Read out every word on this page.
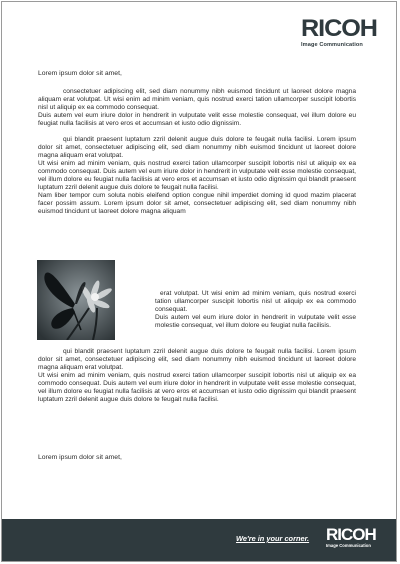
RICOH
Image Communication
Lorem ipsum dolor sit amet,
consectetuer adipiscing elit, sed diam nonummy nibh euismod tincidunt ut laoreet dolore magna aliquam erat volutpat. Ut wisi enim ad minim veniam, quis nostrud exerci tation ullamcorper suscipit lobortis nisl ut aliquip ex ea commodo consequat.
Duis autem vel eum iriure dolor in hendrerit in vulputate velit esse molestie consequat, vel illum dolore eu feugiat nulla facilisis at vero eros et accumsan et iusto odio dignissim.
qui blandit praesent luptatum zzril delenit augue duis dolore te feugait nulla facilisi. Lorem ipsum dolor sit amet, consectetuer adipiscing elit, sed diam nonummy nibh euismod tincidunt ut laoreet dolore magna aliquam erat volutpat.
Ut wisi enim ad minim veniam, quis nostrud exerci tation ullamcorper suscipit lobortis nisl ut aliquip ex ea commodo consequat. Duis autem vel eum iriure dolor in hendrerit in vulputate velit esse molestie consequat, vel illum dolore eu feugiat nulla facilisis at vero eros et accumsan et iusto odio dignissim qui blandit praesent luptatum zzril delenit augue duis dolore te feugait nulla facilisi.
Nam liber tempor cum soluta nobis eleifend option congue nihil imperdiet doming id quod mazim placerat facer possim assum. Lorem ipsum dolor sit amet, consectetuer adipiscing elit, sed diam nonummy nibh euismod tincidunt ut laoreet dolore magna aliquam
erat volutpat. Ut wisi enim ad minim veniam, quis nostrud exerci tation ullamcorper suscipit lobortis nisl ut aliquip ex ea commodo consequat.
Duis autem vel eum iriure dolor in hendrerit in vulputate velit esse molestie consequat, vel illum dolore eu feugiat nulla facilisis.
qui blandit praesent luptatum zzril delenit augue duis dolore te feugait nulla facilisi. Lorem ipsum dolor sit amet, consectetuer adipiscing elit, sed diam nonummy nibh euismod tincidunt ut laoreet dolore magna aliquam erat volutpat.
Ut wisi enim ad minim veniam, quis nostrud exerci tation ullamcorper suscipit lobortis nisl ut aliquip ex ea commodo consequat. Duis autem vel eum iriure dolor in hendrerit in vulputate velit esse molestie consequat, vel illum dolore eu feugiat nulla facilisis at vero eros et accumsan et iusto odio dignissim qui blandit praesent luptatum zzril delenit augue duis dolore te feugait nulla facilisi.
Lorem ipsum dolor sit amet,
We're in your corner. RICOH
Image Communication
